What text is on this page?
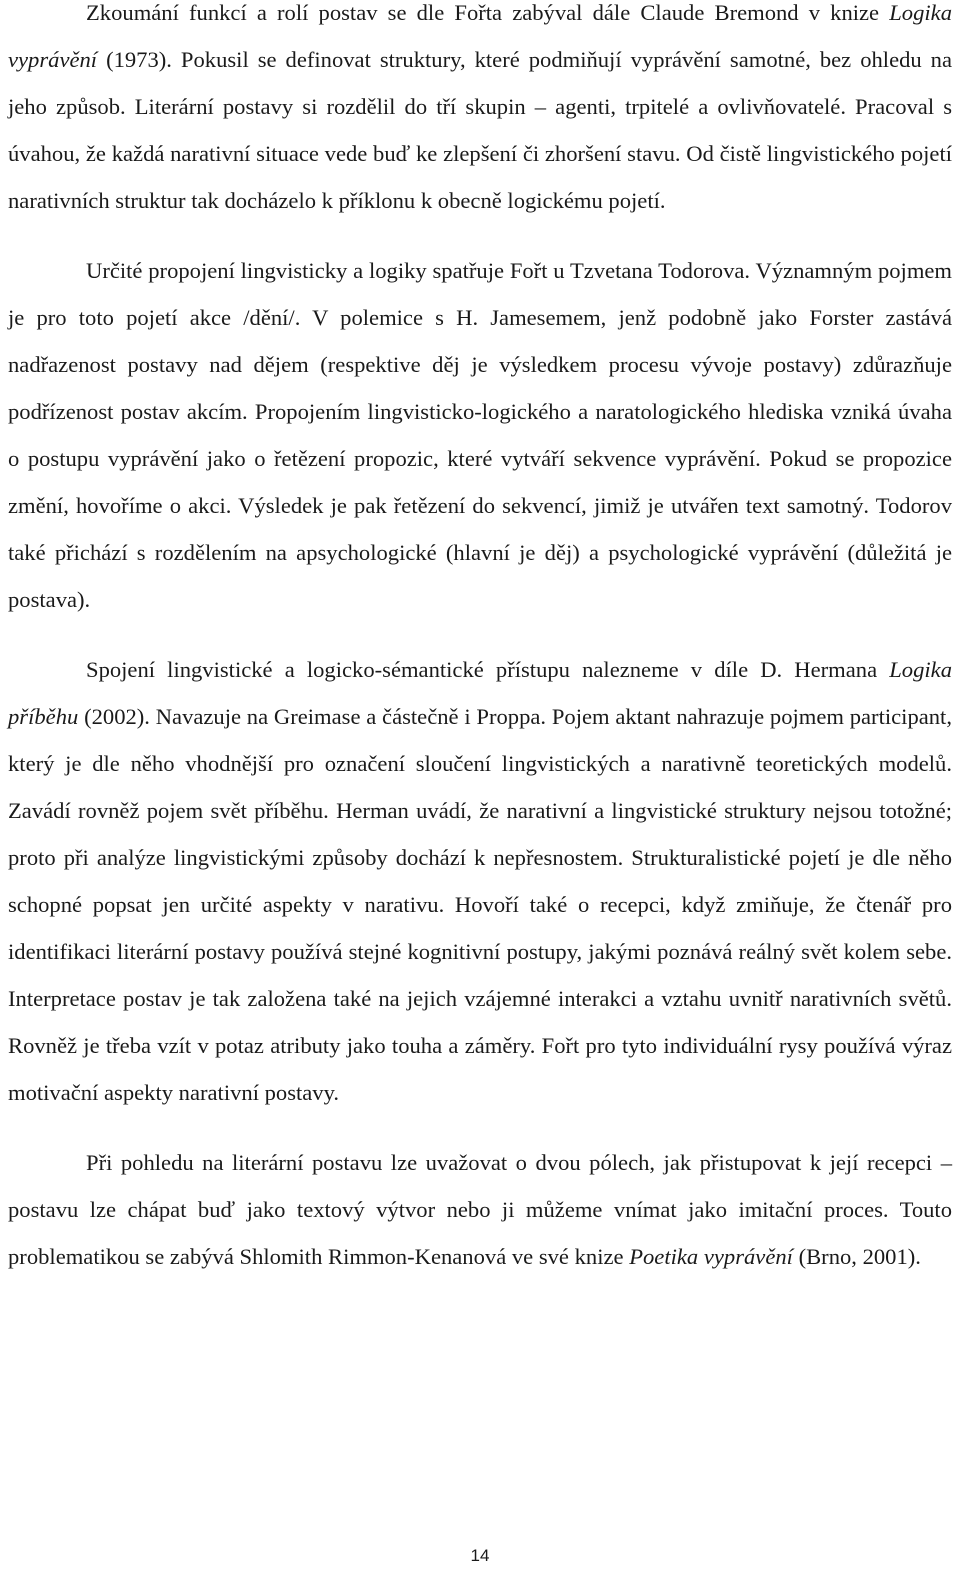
Zkoumání funkcí a rolí postav se dle Fořta zabýval dále Claude Bremond v knize Logika vyprávění (1973). Pokusil se definovat struktury, které podmiňují vyprávění samotné, bez ohledu na jeho způsob. Literární postavy si rozdělil do tří skupin – agenti, trpitelé a ovlivňovatelé. Pracoval s úvahou, že každá narativní situace vede buď ke zlepšení či zhoršení stavu. Od čistě lingvistického pojetí narativních struktur tak docházelo k příklonu k obecně logickému pojetí.

Určité propojení lingvisticky a logiky spatřuje Fořt u Tzvetana Todorova. Významným pojmem je pro toto pojetí akce /dění/. V polemice s H. Jamesemem, jenž podobně jako Forster zastává nadřazenost postavy nad dějem (respektive děj je výsledkem procesu vývoje postavy) zdůrazňuje podřízenost postav akcím. Propojením lingvisticko-logického a naratologického hlediska vzniká úvaha o postupu vyprávění jako o řetězení propozic, které vytváří sekvence vyprávění. Pokud se propozice změní, hovoříme o akci. Výsledek je pak řetězení do sekvencí, jimiž je utvářen text samotný. Todorov také přichází s rozdělením na apsychologické (hlavní je děj) a psychologické vyprávění (důležitá je postava).

Spojení lingvistické a logicko-sémantické přístupu nalezneme v díle D. Hermana Logika příběhu (2002). Navazuje na Greimase a částečně i Proppa. Pojem aktant nahrazuje pojmem participant, který je dle něho vhodnější pro označení sloučení lingvistických a narativně teoretických modelů. Zavádí rovněž pojem svět příběhu. Herman uvádí, že narativní a lingvistické struktury nejsou totožné; proto při analýze lingvistickými způsoby dochází k nepřesnostem. Strukturalistické pojetí je dle něho schopné popsat jen určité aspekty v narativu. Hovoří také o recepci, když zmiňuje, že čtenář pro identifikaci literární postavy používá stejné kognitivní postupy, jakými poznává reálný svět kolem sebe. Interpretace postav je tak založena také na jejich vzájemné interakci a vztahu uvnitř narativních světů. Rovněž je třeba vzít v potaz atributy jako touha a záměry. Fořt pro tyto individuální rysy používá výraz motivační aspekty narativní postavy.

Při pohledu na literární postavu lze uvažovat o dvou pólech, jak přistupovat k její recepci – postavu lze chápat buď jako textový výtvor nebo ji můžeme vnímat jako imitační proces. Touto problematikou se zabývá Shlomith Rimmon-Kenanová ve své knize Poetika vyprávění (Brno, 2001).

14
